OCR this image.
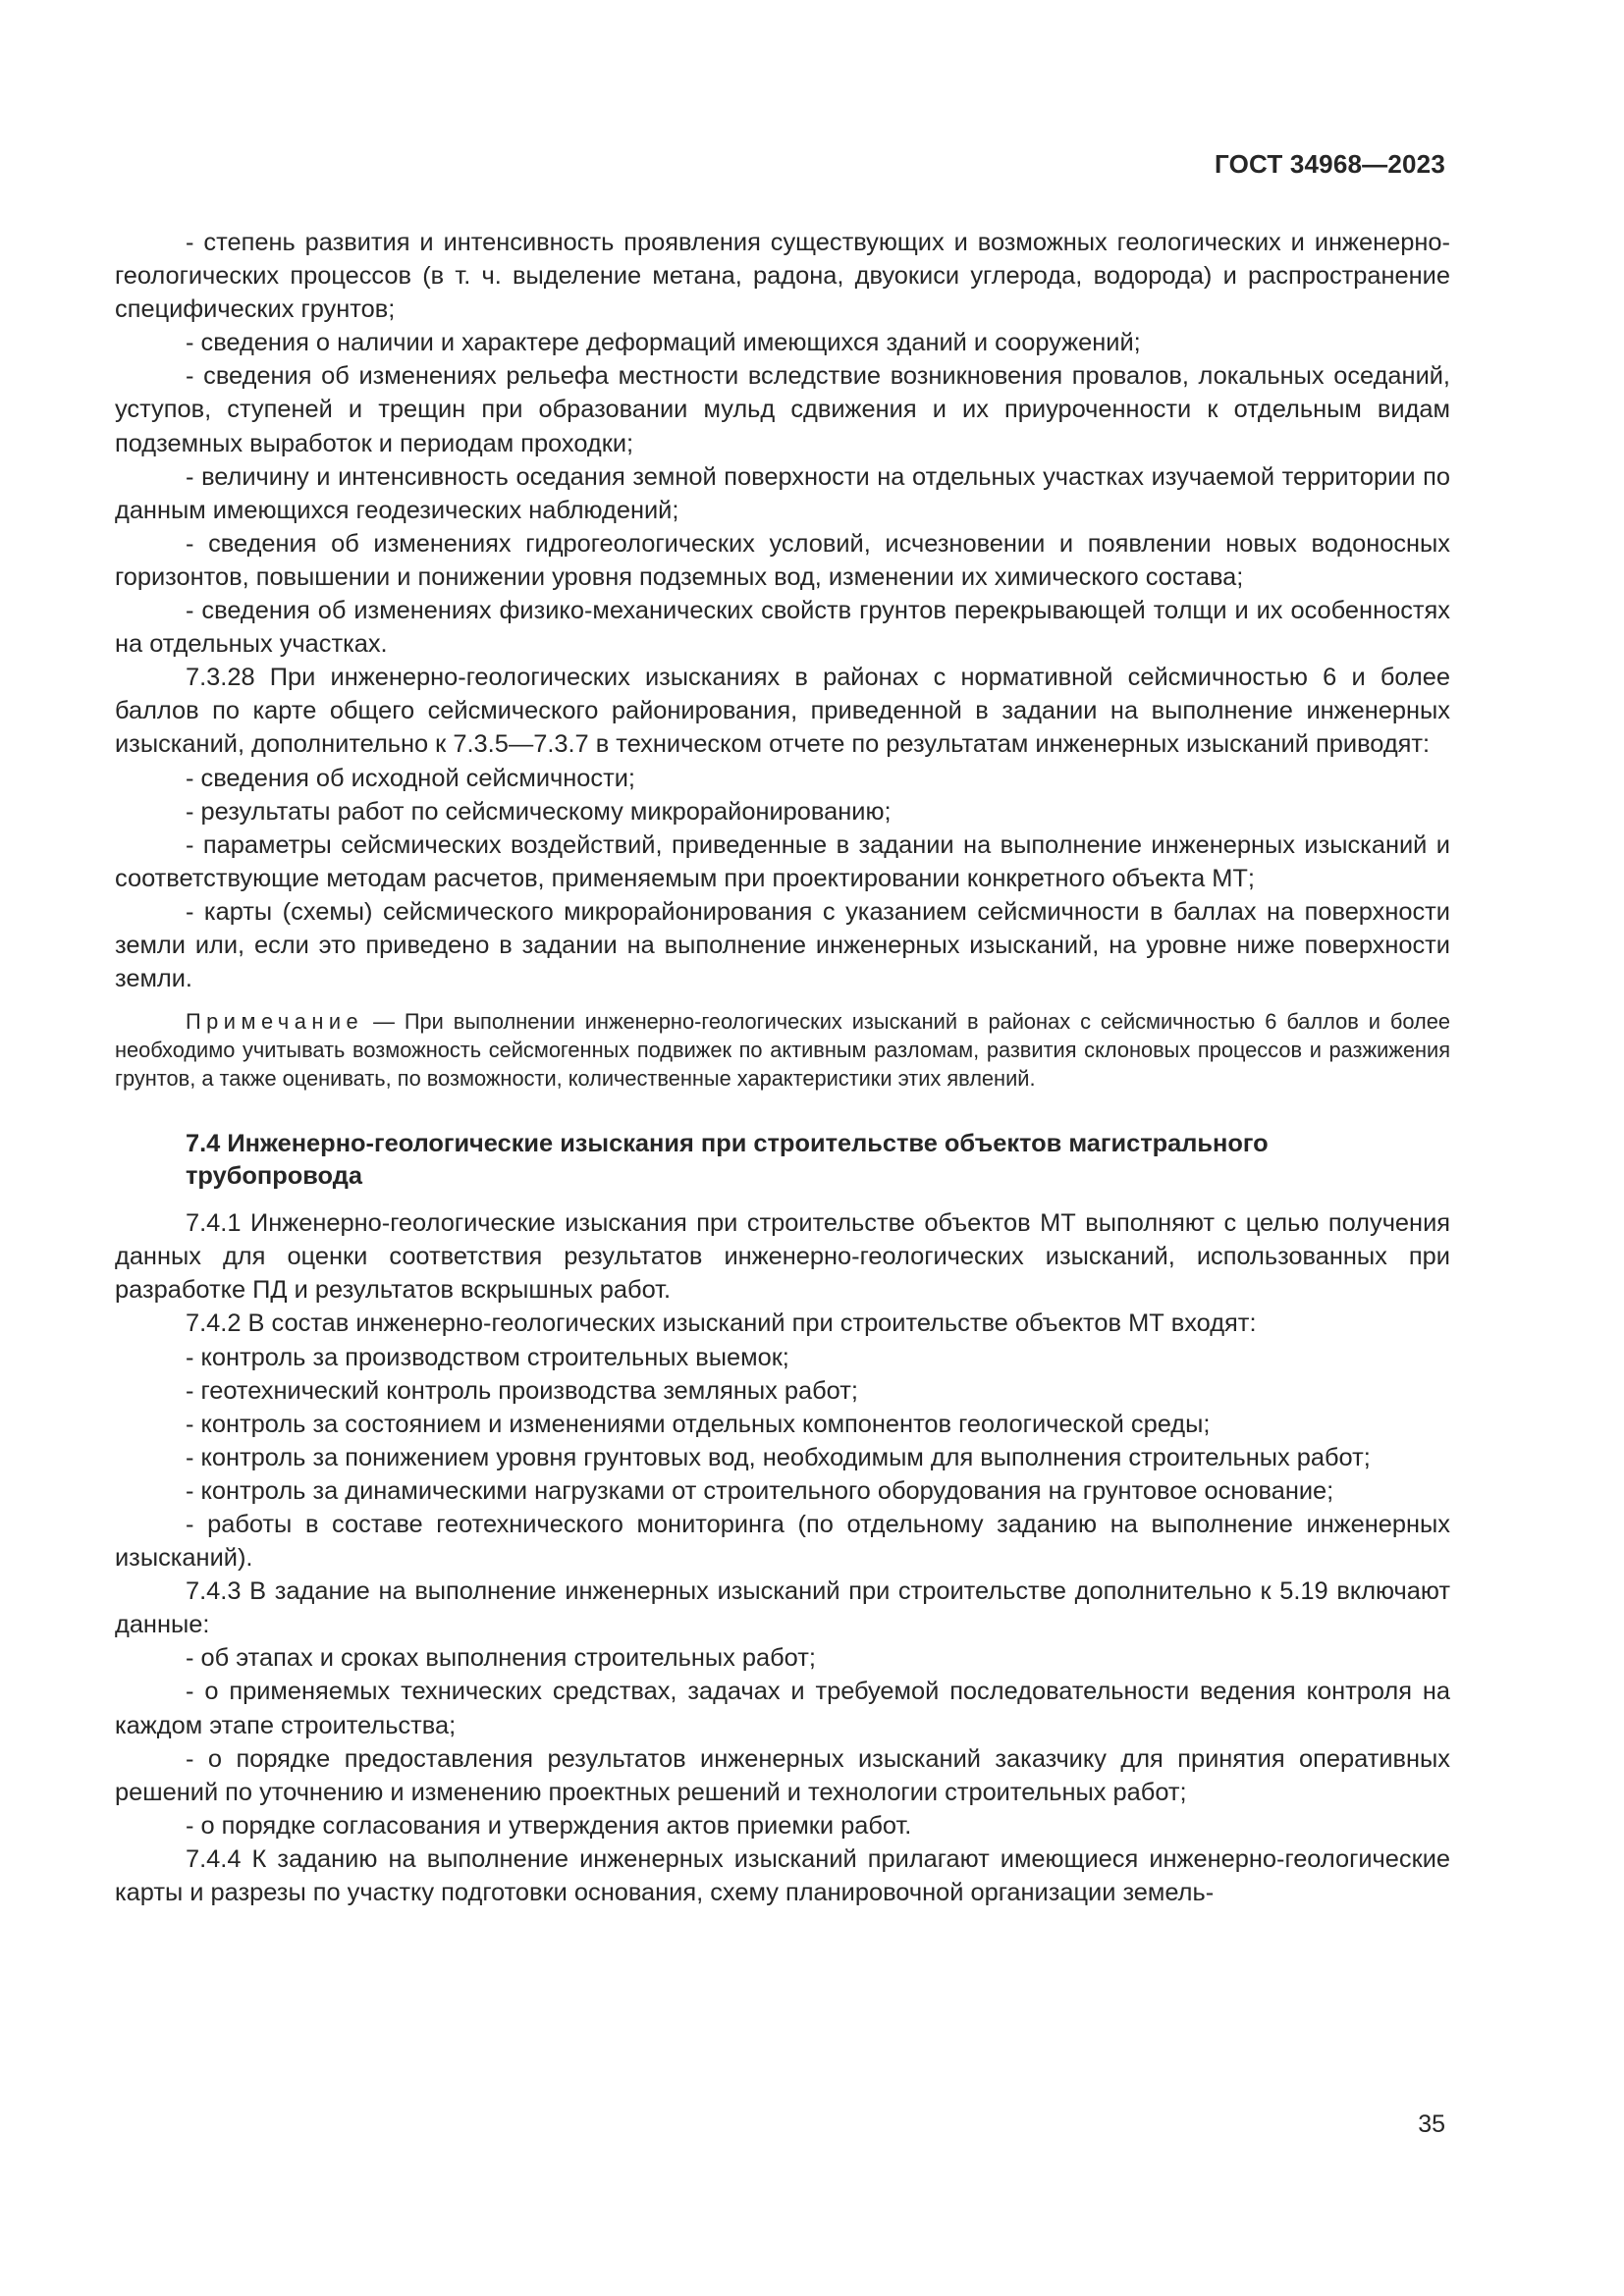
ГОСТ 34968—2023

- степень развития и интенсивность проявления существующих и возможных геологических и инженерно-геологических процессов (в т. ч. выделение метана, радона, двуокиси углерода, водорода) и распространение специфических грунтов;

- сведения о наличии и характере деформаций имеющихся зданий и сооружений;

- сведения об изменениях рельефа местности вследствие возникновения провалов, локальных оседаний, уступов, ступеней и трещин при образовании мульд сдвижения и их приуроченности к отдельным видам подземных выработок и периодам проходки;

- величину и интенсивность оседания земной поверхности на отдельных участках изучаемой территории по данным имеющихся геодезических наблюдений;

- сведения об изменениях гидрогеологических условий, исчезновении и появлении новых водоносных горизонтов, повышении и понижении уровня подземных вод, изменении их химического состава;

- сведения об изменениях физико-механических свойств грунтов перекрывающей толщи и их особенностях на отдельных участках.

7.3.28 При инженерно-геологических изысканиях в районах с нормативной сейсмичностью 6 и более баллов по карте общего сейсмического районирования, приведенной в задании на выполнение инженерных изысканий, дополнительно к 7.3.5—7.3.7 в техническом отчете по результатам инженерных изысканий приводят:

- сведения об исходной сейсмичности;

- результаты работ по сейсмическому микрорайонированию;

- параметры сейсмических воздействий, приведенные в задании на выполнение инженерных изысканий и соответствующие методам расчетов, применяемым при проектировании конкретного объекта МТ;

- карты (схемы) сейсмического микрорайонирования с указанием сейсмичности в баллах на поверхности земли или, если это приведено в задании на выполнение инженерных изысканий, на уровне ниже поверхности земли.

Примечание — При выполнении инженерно-геологических изысканий в районах с сейсмичностью 6 баллов и более необходимо учитывать возможность сейсмогенных подвижек по активным разломам, развития склоновых процессов и разжижения грунтов, а также оценивать, по возможности, количественные характеристики этих явлений.

7.4 Инженерно-геологические изыскания при строительстве объектов магистрального трубопровода

7.4.1 Инженерно-геологические изыскания при строительстве объектов МТ выполняют с целью получения данных для оценки соответствия результатов инженерно-геологических изысканий, использованных при разработке ПД и результатов вскрышных работ.

7.4.2 В состав инженерно-геологических изысканий при строительстве объектов МТ входят:

- контроль за производством строительных выемок;

- геотехнический контроль производства земляных работ;

- контроль за состоянием и изменениями отдельных компонентов геологической среды;

- контроль за понижением уровня грунтовых вод, необходимым для выполнения строительных работ;

- контроль за динамическими нагрузками от строительного оборудования на грунтовое основание;

- работы в составе геотехнического мониторинга (по отдельному заданию на выполнение инженерных изысканий).

7.4.3 В задание на выполнение инженерных изысканий при строительстве дополнительно к 5.19 включают данные:

- об этапах и сроках выполнения строительных работ;

- о применяемых технических средствах, задачах и требуемой последовательности ведения контроля на каждом этапе строительства;

- о порядке предоставления результатов инженерных изысканий заказчику для принятия оперативных решений по уточнению и изменению проектных решений и технологии строительных работ;

- о порядке согласования и утверждения актов приемки работ.

7.4.4 К заданию на выполнение инженерных изысканий прилагают имеющиеся инженерно-геологические карты и разрезы по участку подготовки основания, схему планировочной организации земель-

35
